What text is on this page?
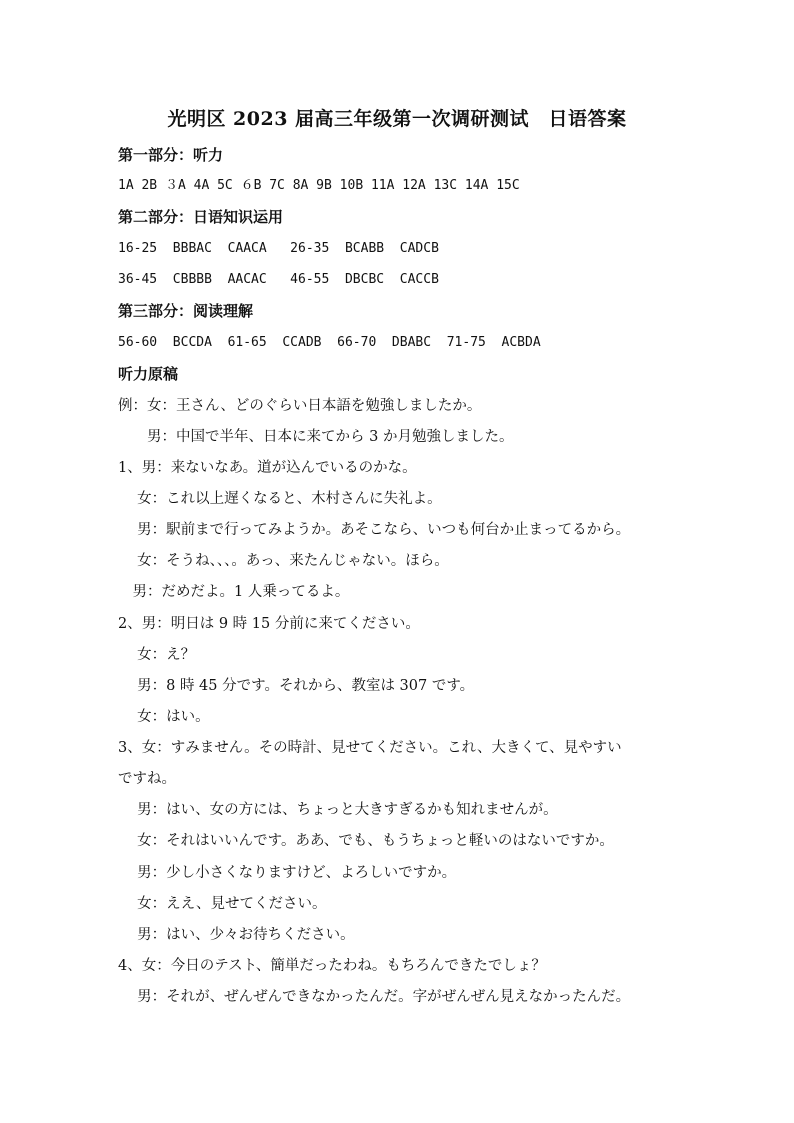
光明区 2023 届高三年级第一次调研测试　日语答案
第一部分：听力
1A 2B ３A 4A 5C ６B 7C 8A 9B 10B 11A 12A 13C 14A 15C
第二部分：日语知识运用
16-25  BBBAC  CAACA   26-35  BCABB  CADCB
36-45  CBBBB  AACAC   46-55  DBCBC  CACCB
第三部分：阅读理解
56-60  BCCDA  61-65  CCADB  66-70  DBABC  71-75  ACBDA
听力原稿
例：女：王さん、どのぐらい日本語を勉強しましたか。
　　男：中国で半年、日本に来てから 3 か月勉強しました。
1、男：来ないなあ。道が込んでいるのかな。
　 女：これ以上遅くなると、木村さんに失礼よ。
　 男：駅前まで行ってみようか。あそこなら、いつも何台か止まってるから。
　 女：そうね、、、。あっ、来たんじゃない。ほら。
　男：だめだよ。1 人乗ってるよ。
2、男：明日は 9 時 15 分前に来てください。
　 女：え？
　 男：8 時 45 分です。それから、教室は 307 です。
　 女：はい。
3、女：すみません。その時計、見せてください。これ、大きくて、見やすい
ですね。
　 男：はい、女の方には、ちょっと大きすぎるかも知れませんが。
　 女：それはいいんです。ああ、でも、もうちょっと軽いのはないですか。
　 男：少し小さくなりますけど、よろしいですか。
　 女：ええ、見せてください。
　 男：はい、少々お待ちください。
4、女：今日のテスト、簡単だったわね。もちろんできたでしょ？
　 男：それが、ぜんぜんできなかったんだ。字がぜんぜん見えなかったんだ。
